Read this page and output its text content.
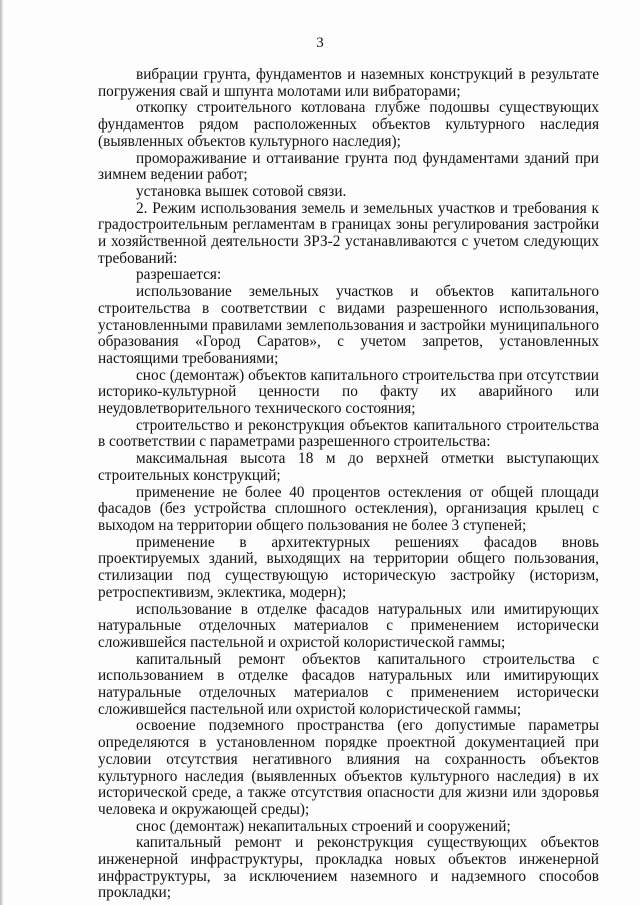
3

вибрации грунта, фундаментов и наземных конструкций в результате погружения свай и шпунта молотами или вибраторами;

откопку строительного котлована глубже подошвы существующих фундаментов рядом расположенных объектов культурного наследия (выявленных объектов культурного наследия);

промораживание и оттаивание грунта под фундаментами зданий при зимнем ведении работ;

установка вышек сотовой связи.

2. Режим использования земель и земельных участков и требования к градостроительным регламентам в границах зоны регулирования застройки и хозяйственной деятельности ЗРЗ-2 устанавливаются с учетом следующих требований:

разрешается:

использование земельных участков и объектов капитального строительства в соответствии с видами разрешенного использования, установленными правилами землепользования и застройки муниципального образования «Город Саратов», с учетом запретов, установленных настоящими требованиями;

снос (демонтаж) объектов капитального строительства при отсутствии историко-культурной ценности по факту их аварийного или неудовлетворительного технического состояния;

строительство и реконструкция объектов капитального строительства в соответствии с параметрами разрешенного строительства:

максимальная высота 18 м до верхней отметки выступающих строительных конструкций;

применение не более 40 процентов остекления от общей площади фасадов (без устройства сплошного остекления), организация крылец с выходом на территории общего пользования не более 3 ступеней;

применение в архитектурных решениях фасадов вновь проектируемых зданий, выходящих на территории общего пользования, стилизации под существующую историческую застройку (историзм, ретроспективизм, эклектика, модерн);

использование в отделке фасадов натуральных или имитирующих натуральные отделочных материалов с применением исторически сложившейся пастельной и охристой колористической гаммы;

капитальный ремонт объектов капитального строительства с использованием в отделке фасадов натуральных или имитирующих натуральные отделочных материалов с применением исторически сложившейся пастельной или охристой колористической гаммы;

освоение подземного пространства (его допустимые параметры определяются в установленном порядке проектной документацией при условии отсутствия негативного влияния на сохранность объектов культурного наследия (выявленных объектов культурного наследия) в их исторической среде, а также отсутствия опасности для жизни или здоровья человека и окружающей среды);

снос (демонтаж) некапитальных строений и сооружений;

капитальный ремонт и реконструкция существующих объектов инженерной инфраструктуры, прокладка новых объектов инженерной инфраструктуры, за исключением наземного и надземного способов прокладки;
